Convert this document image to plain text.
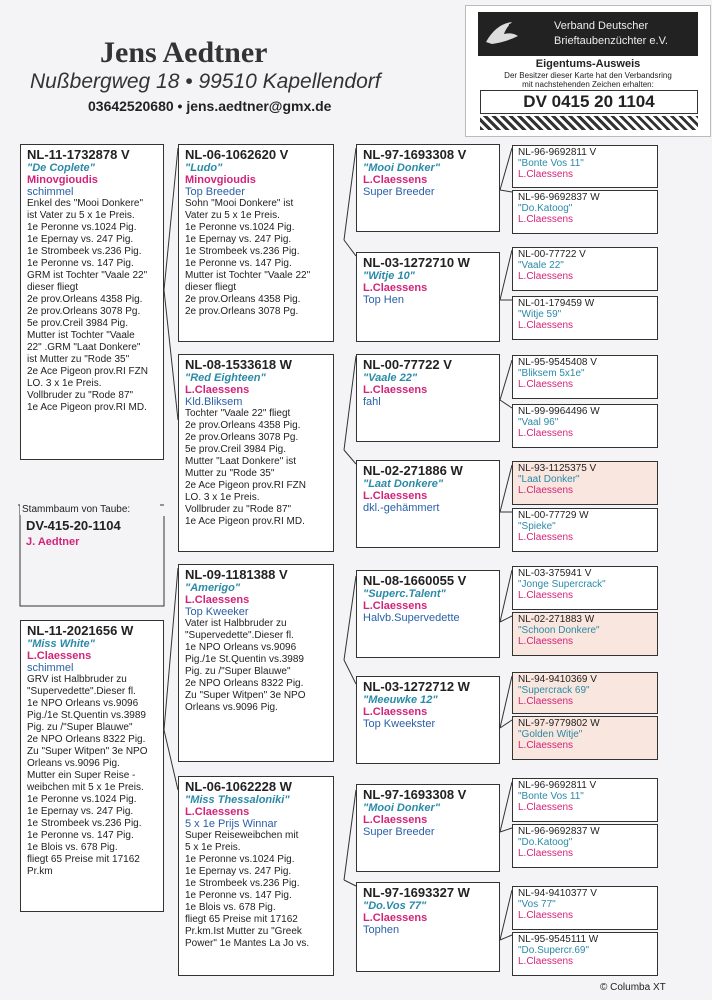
Jens Aedtner
Nußbergweg 18 • 99510 Kapellendorf
03642520680 • jens.aedtner@gmx.de
Verband Deutscher
Brieftaubenzüchter e.V.
Eigentums-Ausweis
Der Besitzer dieser Karte hat den Verbandsring
mit nachstehenden Zeichen erhalten:
DV 0415 20 1104
Stammbaum von Taube:
DV-415-20-1104
J. Aedtner
NL-11-1732878 V
"De Coplete"
Minovgioudis
schimmel
Enkel des "Mooi Donkere"
ist Vater zu 5 x 1e Preis.
1e Peronne vs.1024 Pig.
1e Epernay vs. 247 Pig.
1e Strombeek vs.236 Pig.
1e Peronne vs. 147 Pig.
GRM ist Tochter "Vaale 22"
dieser fliegt
2e prov.Orleans 4358 Pig.
2e prov.Orleans 3078 Pg.
5e prov.Creil 3984 Pig.
Mutter ist Tochter "Vaale
22" .GRM "Laat Donkere"
ist Mutter zu "Rode 35"
2e Ace Pigeon prov.RI FZN
LO. 3 x 1e Preis.
Vollbruder zu "Rode 87"
1e Ace Pigeon prov.RI MD.
NL-11-2021656 W
"Miss White"
L.Claessens
schimmel
GRV ist Halbbruder zu
"Supervedette".Dieser fl.
1e NPO Orleans vs.9096
Pig./1e St.Quentin vs.3989
Pig. zu /"Super Blauwe"
2e NPO Orleans 8322 Pig.
Zu "Super Witpen" 3e NPO
Orleans vs.9096 Pig.
Mutter ein Super Reise -
weibchen mit 5 x 1e Preis.
1e Peronne vs.1024 Pig.
1e Epernay vs. 247 Pig.
1e Strombeek vs.236 Pig.
1e Peronne vs. 147 Pig.
1e Blois vs. 678 Pig.
fliegt 65 Preise mit 17162
Pr.km
NL-06-1062620 V
"Ludo"
Minovgioudis
Top Breeder
Sohn "Mooi Donkere" ist
Vater zu 5 x 1e Preis.
1e Peronne vs.1024 Pig.
1e Epernay vs. 247 Pig.
1e Strombeek vs.236 Pig.
1e Peronne vs. 147 Pig.
Mutter ist Tochter "Vaale 22"
dieser fliegt
2e prov.Orleans 4358 Pig.
2e prov.Orleans 3078 Pg.
NL-08-1533618 W
"Red Eighteen"
L.Claessens
Kld.Bliksem
Tochter "Vaale 22" fliegt
2e prov.Orleans 4358 Pig.
2e prov.Orleans 3078 Pg.
5e prov.Creil 3984 Pig.
Mutter "Laat Donkere" ist
Mutter zu "Rode 35"
2e Ace Pigeon prov.RI FZN
LO. 3 x 1e Preis.
Vollbruder zu "Rode 87"
1e Ace Pigeon prov.RI MD.
NL-09-1181388 V
"Amerigo"
L.Claessens
Top Kweeker
Vater ist Halbbruder zu
"Supervedette".Dieser fl.
1e NPO Orleans vs.9096
Pig./1e St.Quentin vs.3989
Pig. zu /"Super Blauwe"
2e NPO Orleans 8322 Pig.
Zu "Super Witpen" 3e NPO
Orleans vs.9096 Pig.
NL-06-1062228 W
"Miss Thessaloniki"
L.Claessens
5 x 1e Prijs Winnar
Super Reiseweibchen mit
5 x 1e Preis.
1e Peronne vs.1024 Pig.
1e Epernay vs. 247 Pig.
1e Strombeek vs.236 Pig.
1e Peronne vs. 147 Pig.
1e Blois vs. 678 Pig.
fliegt 65 Preise mit 17162
Pr.km.Ist Mutter zu "Greek
Power" 1e Mantes La Jo vs.
NL-97-1693308 V
"Mooi Donker"
L.Claessens
Super Breeder
NL-03-1272710 W
"Witje 10"
L.Claessens
Top Hen
NL-00-77722 V
"Vaale 22"
L.Claessens
fahl
NL-02-271886 W
"Laat Donkere"
L.Claessens
dkl.-gehämmert
NL-08-1660055 V
"Superc.Talent"
L.Claessens
Halvb.Supervedette
NL-03-1272712 W
"Meeuwke 12"
L.Claessens
Top Kweekster
NL-97-1693308 V
"Mooi Donker"
L.Claessens
Super Breeder
NL-97-1693327 W
"Do.Vos 77"
L.Claessens
Tophen
NL-96-9692811 V
"Bonte Vos 11"
L.Claessens
NL-96-9692837 W
"Do.Katoog"
L.Claessens
NL-00-77722 V
"Vaale 22"
L.Claessens
NL-01-179459 W
"Witje 59"
L.Claessens
NL-95-9545408 V
"Bliksem 5x1e"
L.Claessens
NL-99-9964496 W
"Vaal 96"
L.Claessens
NL-93-1125375 V
"Laat Donker"
L.Claessens
NL-00-77729 W
"Spieke"
L.Claessens
NL-03-375941 V
"Jonge Supercrack"
L.Claessens
NL-02-271883 W
"Schoon Donkere"
L.Claessens
NL-94-9410369 V
"Supercrack 69"
L.Claessens
NL-97-9779802 W
"Golden Witje"
L.Claessens
NL-96-9692811 V
"Bonte Vos 11"
L.Claessens
NL-96-9692837 W
"Do.Katoog"
L.Claessens
NL-94-9410377 V
"Vos 77"
L.Claessens
NL-95-9545111 W
"Do.Supercr.69"
L.Claessens
© Columba XT
